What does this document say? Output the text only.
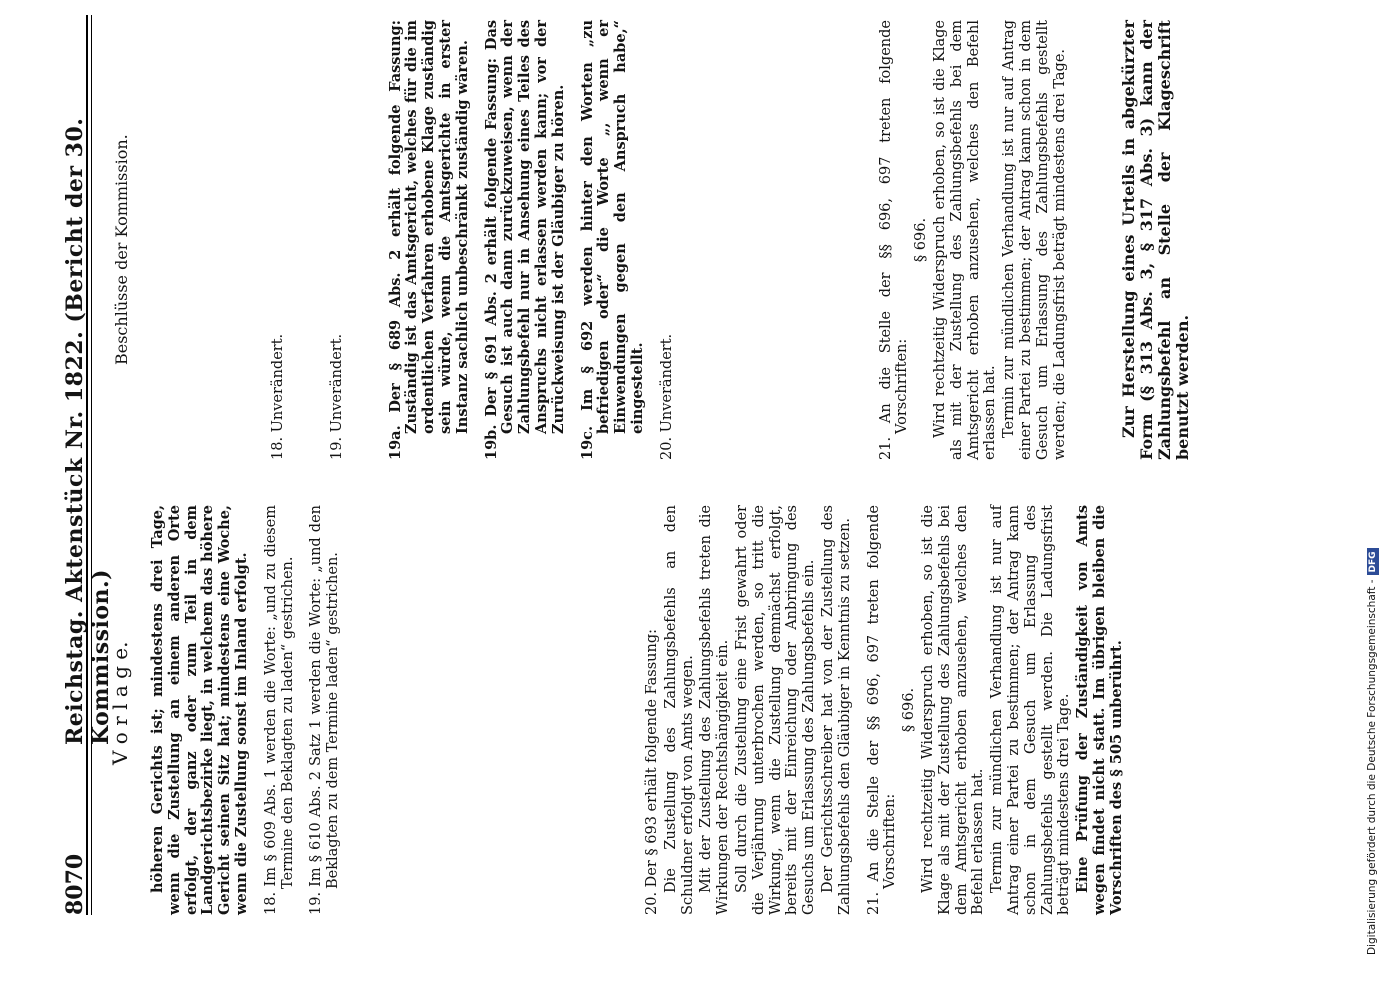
8070
Reichstag. Aktenstück Nr. 1822. (Bericht der 30. Kommission.)
V o r l a g e.
Beschlüsse der Kommission.

höheren Gerichts ist; mindestens drei Tage, wenn die Zustellung an einem anderen Orte erfolgt, der ganz oder zum Teil in dem Landgerichtsbezirke liegt, in welchem das höhere Gericht seinen Sitz hat; mindestens eine Woche, wenn die Zustellung sonst im Inland erfolgt. 18. Im § 609 Abs. 1 werden die Worte: „und zu diesem Termine den Beklagten zu laden“ gestrichen. 19. Im § 610 Abs. 2 Satz 1 werden die Worte: „und den Beklagten zu dem Termine laden“ gestrichen.	20. Der § 693 erhält folgende Fassung: Die Zustellung des Zahlungsbefehls an den Schuldner erfolgt von Amts wegen. Mit der Zustellung des Zahlungsbefehls treten die Wirkungen der Rechtshängigkeit ein. Soll durch die Zustellung eine Frist gewahrt oder die Verjährung unterbrochen werden, so tritt die Wirkung, wenn die Zustellung demnächst erfolgt, bereits mit der Einreichung oder Anbringung des Gesuchs um Erlassung des Zahlungsbefehls ein. Der Gerichtsschreiber hat von der Zustellung des Zahlungsbefehls den Gläubiger in Kenntnis zu setzen. 21. An die Stelle der §§ 696, 697 treten folgende Vorschriften:

§ 696. Wird rechtzeitig Widerspruch erhoben, so ist die Klage als mit der Zustellung des Zahlungsbefehls bei dem Amtsgericht erhoben anzusehen, welches den Befehl erlassen hat. Termin zur mündlichen Verhandlung ist nur auf Antrag einer Partei zu bestimmen; der Antrag kann schon in dem Gesuch um Erlassung des Zahlungsbefehls gestellt werden. Die Ladungsfrist beträgt mindestens drei Tage. Eine Prüfung der Zuständigkeit von Amts wegen findet nicht statt. Im übrigen bleiben die Vorschriften des § 505 unberührt.

18. Unverändert.	19. Unverändert.	19a. Der § 689 Abs. 2 erhält folgende Fassung: Zuständig ist das Amtsgericht, welches für die im ordentlichen Verfahren erhobene Klage zuständig sein würde, wenn die Amtsgerichte in erster Instanz sachlich unbeschränkt zuständig wären. 19b. Der § 691 Abs. 2 erhält folgende Fassung: Das Gesuch ist auch dann zurückzuweisen, wenn der Zahlungsbefehl nur in Ansehung eines Teiles des Anspruchs nicht erlassen werden kann; vor der Zurückweisung ist der Gläubiger zu hören. 19c. Im § 692 werden hinter den Worten „zu befriedigen oder“ die Worte „, wenn er Einwendungen gegen den Anspruch habe,“ eingestellt. 20. Unverändert.	21. An die Stelle der §§ 696, 697 treten folgende Vorschriften:

§ 696. Wird rechtzeitig Widerspruch erhoben, so ist die Klage als mit der Zustellung des Zahlungsbefehls bei dem Amtsgericht erhoben anzusehen, welches den Befehl erlassen hat. Termin zur mündlichen Verhandlung ist nur auf Antrag einer Partei zu bestimmen; der Antrag kann schon in dem Gesuch um Erlassung des Zahlungsbefehls gestellt werden; die Ladungsfrist beträgt mindestens drei Tage.	Zur Herstellung eines Urteils in abgekürzter Form (§ 313 Abs. 3, § 317 Abs. 3) kann der Zahlungsbefehl an Stelle der Klageschrift benutzt werden.

Digitalisierung gefördert durch die Deutsche Forschungsgemeinschaft -DFG
